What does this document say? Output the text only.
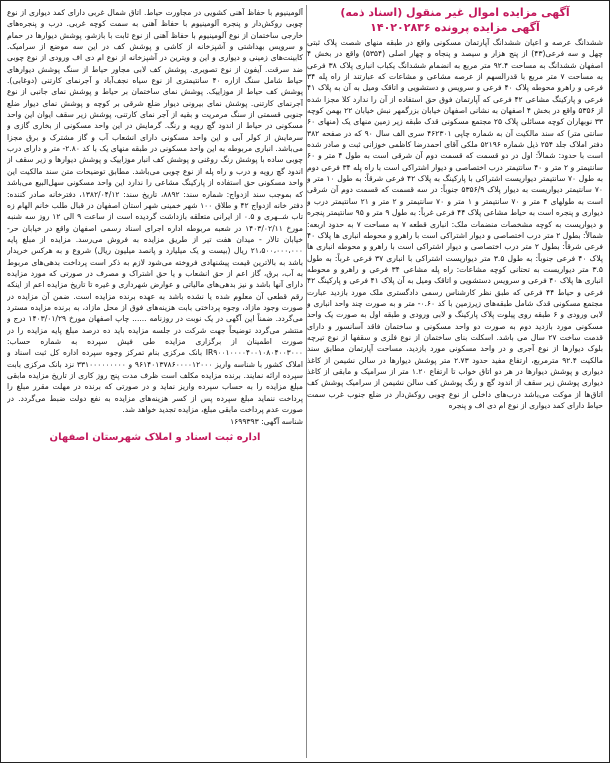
آگهی مزایده اموال غیر منقول (اسناد ذمه)

آگهی مزایده پرونده ۱۴۰۲۰۲۸۳۶

ششدانگ عرصه و اعیان ششدانگ آپارتمان مسکونی واقع در طبقه منهای شصت پلاک ثبتی چهل و سه فرعی(۴۳) از پنج هزار و سیصد و پنجاه و چهار اصلی (۵۳۵۴) واقع در بخش ۴ اصفهان ششدانگ به مساحت ۹۲.۴ متر مربع به انضمام ششدانگ یکباب انباری پلاک ۳۸ فرعی به مساحت ۷ متر مربع با قدرالسهم از عرصه مشاعی و مشاعات که عبارتند از راه پله ۳۴ فرعی و راهرو محوطه پلاک ۴۰ فرعی و سرویس و دستشویی و اتاقک ومیل به آن به پلاک ۴۱ فرعی و پارکینگ مشاعی ۴۲ فرعی که آپارتمان فوق حق استفاده از آن را ندارد کلا مجزا شده از ۵۳۵۶ واقع در بخش ۴ اصفهان به نشانی اصفهان خیابان بزرگمهر نبش خیابان ۲۲ بهمن کوچه ۳۳ نوبهاران کوچه مسائلی پلاک ۲۵ مجتمع مسکونی قدک طبقه زیر زمین منهای یک (منهای ۶۰ سانتی متر) که سند مالکیت آن به شماره چاپی ۴۶۲۳۰۱ سری الف سال ۹۰ که در صفحه ۳۸۲ دفتر املاک جلد ۲۵۴ ذیل شماره ۵۲۱۹۶ ملکی آقای احمدرضا کاظمی خوزانی ثبت و صادر شده است با حدود: شمالاً: اول در دو قسمت که قسمت دوم آن شرقی است به طول ۴ متر و ۶۰ سانتیمتر و ۲ متر و ۴۰ سانتیمتر درب اختصاصی و دیوار اشتراکی است با راه پله ۳۴ فرعی دوم به طول ۷۰ سانتیمتر دیواریست اشتراکی با پارکینگ به پلاک ۴۲ فرعی شرقاً: به طول ۱۰ متر و ۷۰ سانتیمتر دیواریست به دیوار پلاک ۵۳۵۶/۹ جنوباً: در سه قسمت که قسمت دوم آن شرقی است به طولهای ۴ متر و ۷۰ سانتیمتر و ۱ متر و ۷۰ سانتیمتر و ۲ متر و ۲۱ سانتیمتر درب و دیواری و پنجره است به حیاط مشاعی پلاک ۴۴ فرعی غرباً: به طول ۹ متر و ۹۵ سانتیمتر پنجره و دیواریست به کوچه مشخصات منضمات ملک: انباری قطعه ۷ به مساحت ۷ به حدود اربعه: شمالاً: بطول ۲ متر درب اختصاصی و دیوار اشتراکی است با راهرو و محوطه انباری ها پلاک ۴۰ فرعی شرقاً: بطول ۲ متر درب اختصاصی و دیوار اشتراکی است با راهرو و محوطه انباری ها پلاک ۴۰ فرعی جنوباً: به طول ۳.۵ متر دیواریست اشتراکی با انباری ۳۷ فرعی غرباً: به طول ۳.۵ متر دیواریست به تحتانی کوچه مشاعات: راه پله مشاعی ۳۴ فرعی و راهرو و محوطه انباری ها پلاک ۴۰ فرعی و سرویس دستشویی و اتاقک ومیل به آن پلاک ۴۱ فرعی و پارکینگ ۴۲ فرعی و حیاط ۴۴ فرعی که طبق نظر کارشناس رسمی دادگستری ملک مورد بازدید عبارت مجتمع مسکونی قدک شامل طبقه‌های زیرزمین با کد ۰.۶۰- متر و به صورت چند واحد انباری و لابی ورودی و ۶ طبقه روی پیلوت پلاک پارکینگ و لابی ورودی و طبقه اول به صورت یک واحد مسکونی مورد بازدید دوم به صورت دو واحد مسکونی و ساختمان فاقد آسانسور و دارای قدمت ساخت ۲۷ سال می باشد. اسکلت بنای ساختمان از نوع فلزی و سقفها از نوع تیرچه بلوک دیوارها از نوع آجری و در واحد مسکونی مورد بازدید، مساحت آپارتمان مطابق سند مالکیت ۹۲.۴ مترمربع، ارتفاع مفید حدود ۲.۷۳ متر پوشش دیوارها در سالن نشیمن از کاغذ دیواری و پوشش دیوارها در هر دو اتاق خواب تا ارتفاع ۱.۲۰ متر از سرامیک و مابقی از کاغذ دیواری پوشش زیر سقف از اندود گچ و رنگ پوشش کف سالن نشیمن از سرامیک پوشش کف اتاق‌ها از موکت می‌باشد درب‌های داخلی از نوع چوبی روکش‌دار در ضلع جنوب غرب سمت حیاط دارای کمد دیواری از نوع ام دی اف و پنجره

آلومینیوم با حفاظ آهنی کشویی در مجاورت حیاط. اتاق شمال غربی دارای کمد دیواری از نوع چوبی روکش‌دار و پنجره آلومینیوم با حفاظ آهنی به سمت کوچه غربی. درب و پنجره‌های خارجی ساختمان از نوع آلومینیوم با حفاظ آهنی از نوع ثابت با بازشو، پوشش دیوارها در حمام و سرویس بهداشتی و آشپزخانه از کاشی و پوشش کف در این سه موضع از سرامیک. کابینت‌های زمینی و دیواری و این و ویترین در آشپزخانه از نوع ام دی اف ورودی از نوع چوبی ضد سرقت. آیفون از نوع تصویری. پوشش کف لابی مجاور حیاط از سنگ پوشش دیوارهای حیاط شامل سنگ ازاره ۴۰ سانتیمتری از نوع سیاه نجف‌آباد و آجرنمای کارتنی (دوغابی). پوشش کف حیاط از موزاییک. پوشش نمای ساختمان بر حیاط و پوشش نمای جانبی از نوع آجرنمای کارتنی. پوشش نمای بیرونی دیوار ضلع شرقی بر کوچه و پوشش نمای دیوار ضلع جنوبی قسمتی از سنگ مرمریت و بقیه از آجر نمای کارتنی، پوشش زیر سقف ایوان این واحد مسکونی در حیاط از اندود گچ رویه و رنگ. گرمایش در این واحد مسکونی از بخاری گازی و سرمایش از کولر آبی و این واحد مسکونی دارای انشعاب آب و گاز مشترک و برق مجزا می‌باشد. انباری مربوطه به این واحد مسکونی در طبقه منهای یک با کد ۲.۸۰- متر و دارای درب چوبی ساده با پوشش رنگ روغنی و پوشش کف انبار موزاییک و پوشش دیوارها و زیر سقف از اندود گچ رویه و درب و راه پله از نوع چوبی می‌باشد. مطابق توضیحات متن سند مالکیت این واحد مسکونی حق استفاده از پارکینگ مشاعی را ندارد این واحد مسکونی سهل‌البیع می‌باشد که بموجب سند ازدواج: شماره سند: ۸۸۹۲، تاریخ سند: ۱۳۸۲/۰۴/۱۲، دفترخانه صادر کننده: دفتر خانه ازدواج ۴۲ و طلاق ۱۰۰ شهر خمینی شهر استان اصفهان در قبال طلب خانم الهام زه تاب شــهری و ۰.۵ از ایرانی متعلقه بازداشت گردیده است از ساعت ۹ الی ۱۲ روز سه شنبه مورخ ۱۴۰۳/۰۲/۱۱ در شعبه مربوطه اداره اجرای اسناد رسمی اصفهان واقع در خیابان حر- خیابان تالار - میدان هفت تیر از طریق مزایده به فروش می‌رسد. مزایده از مبلغ پایه ۲۱،۵۰۰،۰۰۰،۰۰۰ ریال (بیست و یک میلیارد و پانصد میلیون ریال) شروع و به هرکس خریدار باشد به بالاترین قیمت پیشنهادی فروخته می‌شود لازم به ذکر است پرداخت بدهی‌های مربوط به آب، برق، گاز اعم از حق انشعاب و یا حق اشتراک و مصرف در صورتی که مورد مزایده دارای آنها باشد و نیز بدهی‌های مالیاتی و عوارض شهرداری و غیره تا تاریخ مزایده اعم از اینکه رقم قطعی آن معلوم شده یا نشده باشد به عهده برنده مزایده است. ضمن آن مزایده در صورت وجود مازاد، وجوه پرداختی بابت هزینه‌های فوق از محل مازاد، به برنده مزایده مسترد می‌گردد. ضمناً این آگهی در یک نوبت در روزنامه ...... چاپ اصفهان مورخ ۱۴۰۳/۰۱/۲۹ درج و منتشر می‌گردد توضیحاً جهت شرکت در جلسه مزایده باید ده درصد مبلغ پایه مزایده را در صورت اطمینان از برگزاری مزایده طی فیش سپرده به شماره حساب: IR۹۰۰۱۰۰۰۰۴۰۰۱۰۸۰۴۰۰۳۰۰۰ بانک مرکزی بنام تمرکز وجوه سپرده اداره کل ثبت اسناد و املاک کشور با شناسه واریز ۹۶۱۴۰۱۳۷۸۶۰۰۰۰۱۲۰۰۰ و ۳۳۱۰۰۰۰۰۰۰۰۰ نزد بانک مرکزی بابت سپرده ارائه نمایند. برنده مزایده مکلف است ظرف مدت پنج روز کاری از تاریخ مزایده مابقی مبلغ مزایده را به حساب سپرده واریز نماید و در صورتی که برنده در مهلت مقرر مبلغ را پرداخت ننماید مبلغ سپرده پس از کسر هزینه‌های مزایده به نفع دولت ضبط می‌گردد. در صورت عدم پرداخت مابقی مبلغ، مزایده تجدید خواهد شد.

شناسه آگهی: ۱۶۹۹۳۹۳
اداره ثبت اسناد و املاک شهرستان اصفهان
